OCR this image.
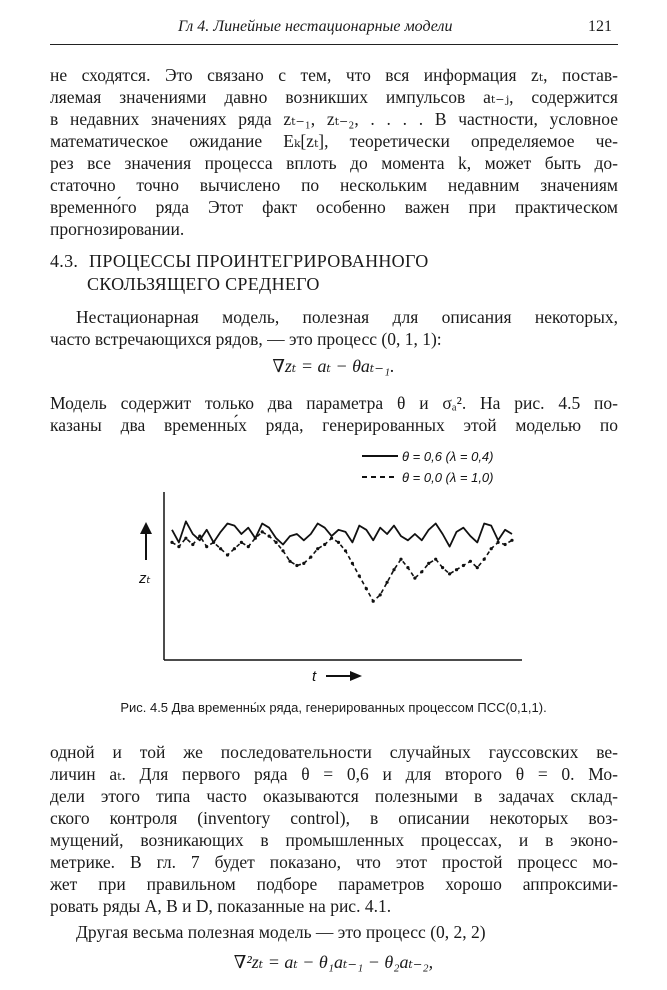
Гл 4. Линейные нестационарные модели	121
не сходятся. Это связано с тем, что вся информация zₜ, постав-
ляемая значениями давно возникших импульсов aₜ₋ⱼ, содержится
в недавних значениях ряда zₜ₋₁, zₜ₋₂, . . . . В частности, условное
математическое ожидание Eₖ[zₜ], теоретически определяемое че-
рез все значения процесса вплоть до момента k, может быть до-
статочно точно вычислено по нескольким недавним значениям
временно́го ряда Этот факт особенно важен при практическом
прогнозировании.
4.3. ПРОЦЕССЫ ПРОИНТЕГРИРОВАННОГО
СКОЛЬЗЯЩЕГО СРЕДНЕГО
Нестационарная модель, полезная для описания некоторых,
часто встречающихся рядов, — это процесс (0, 1, 1):
∇zₜ = aₜ − θaₜ₋₁.
Модель содержит только два параметра θ и σₐ². На рис. 4.5 по-
казаны два временны́х ряда, генерированных этой моделью по
θ = 0,6 (λ = 0,4)
θ = 0,0 (λ = 1,0)
zₜ
t
Рис. 4.5 Два временны́х ряда, генерированных процессом ПСС(0,1,1).
одной и той же последовательности случайных гауссовских ве-
личин aₜ. Для первого ряда θ = 0,6 и для второго θ = 0. Мо-
дели этого типа часто оказываются полезными в задачах склад-
ского контроля (inventory control), в описании некоторых воз-
мущений, возникающих в промышленных процессах, и в эконо-
метрике. В гл. 7 будет показано, что этот простой процесс мо-
жет при правильном подборе параметров хорошо аппроксими-
ровать ряды А, В и D, показанные на рис. 4.1.
Другая весьма полезная модель — это процесс (0, 2, 2)
∇²zₜ = aₜ − θ₁aₜ₋₁ − θ₂aₜ₋₂,
